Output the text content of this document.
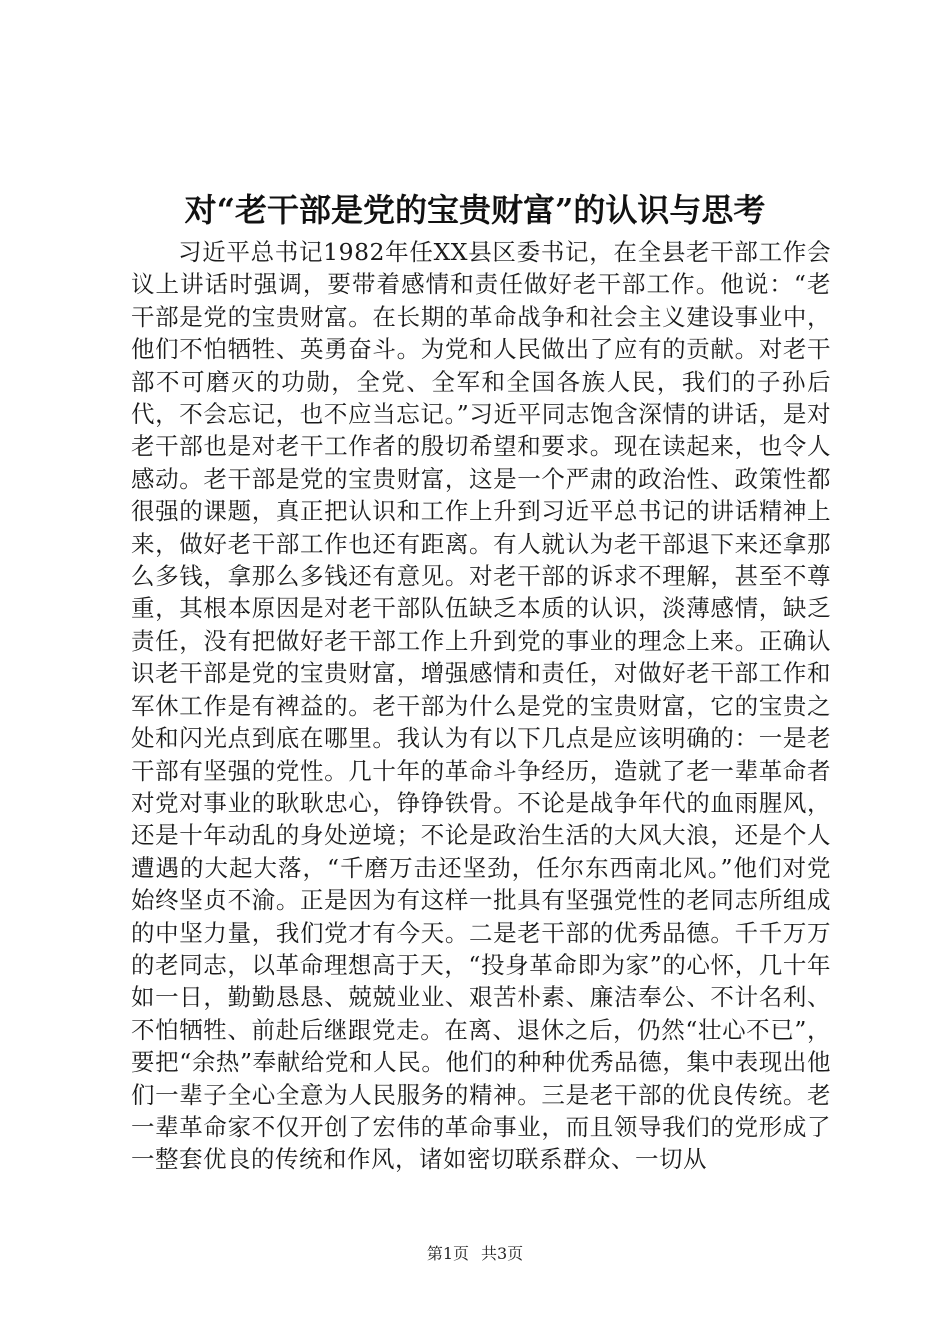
对“老干部是党的宝贵财富”的认识与思考

习近平总书记1982年任XX县区委书记，在全县老干部工作会议上讲话时强调，要带着感情和责任做好老干部工作。他说：“老干部是党的宝贵财富。在长期的革命战争和社会主义建设事业中，他们不怕牺牲、英勇奋斗。为党和人民做出了应有的贡献。对老干部不可磨灭的功勋，全党、全军和全国各族人民，我们的子孙后代，不会忘记，也不应当忘记。”习近平同志饱含深情的讲话，是对老干部也是对老干工作者的殷切希望和要求。现在读起来，也令人感动。老干部是党的宝贵财富，这是一个严肃的政治性、政策性都很强的课题，真正把认识和工作上升到习近平总书记的讲话精神上来，做好老干部工作也还有距离。有人就认为老干部退下来还拿那么多钱，拿那么多钱还有意见。对老干部的诉求不理解，甚至不尊重，其根本原因是对老干部队伍缺乏本质的认识，淡薄感情，缺乏责任，没有把做好老干部工作上升到党的事业的理念上来。正确认识老干部是党的宝贵财富，增强感情和责任，对做好老干部工作和军休工作是有裨益的。老干部为什么是党的宝贵财富，它的宝贵之处和闪光点到底在哪里。我认为有以下几点是应该明确的：一是老干部有坚强的党性。几十年的革命斗争经历，造就了老一辈革命者对党对事业的耿耿忠心，铮铮铁骨。不论是战争年代的血雨腥风，还是十年动乱的身处逆境；不论是政治生活的大风大浪，还是个人遭遇的大起大落，“千磨万击还坚劲，任尔东西南北风。”他们对党始终坚贞不渝。正是因为有这样一批具有坚强党性的老同志所组成的中坚力量，我们党才有今天。二是老干部的优秀品德。千千万万的老同志，以革命理想高于天，“投身革命即为家”的心怀，几十年如一日，勤勤恳恳、兢兢业业、艰苦朴素、廉洁奉公、不计名利、不怕牺牲、前赴后继跟党走。在离、退休之后，仍然“壮心不已”，要把“余热”奉献给党和人民。他们的种种优秀品德，集中表现出他们一辈子全心全意为人民服务的精神。三是老干部的优良传统。老一辈革命家不仅开创了宏伟的革命事业，而且领导我们的党形成了一整套优良的传统和作风，诸如密切联系群众、一切从

第1页 共3页
